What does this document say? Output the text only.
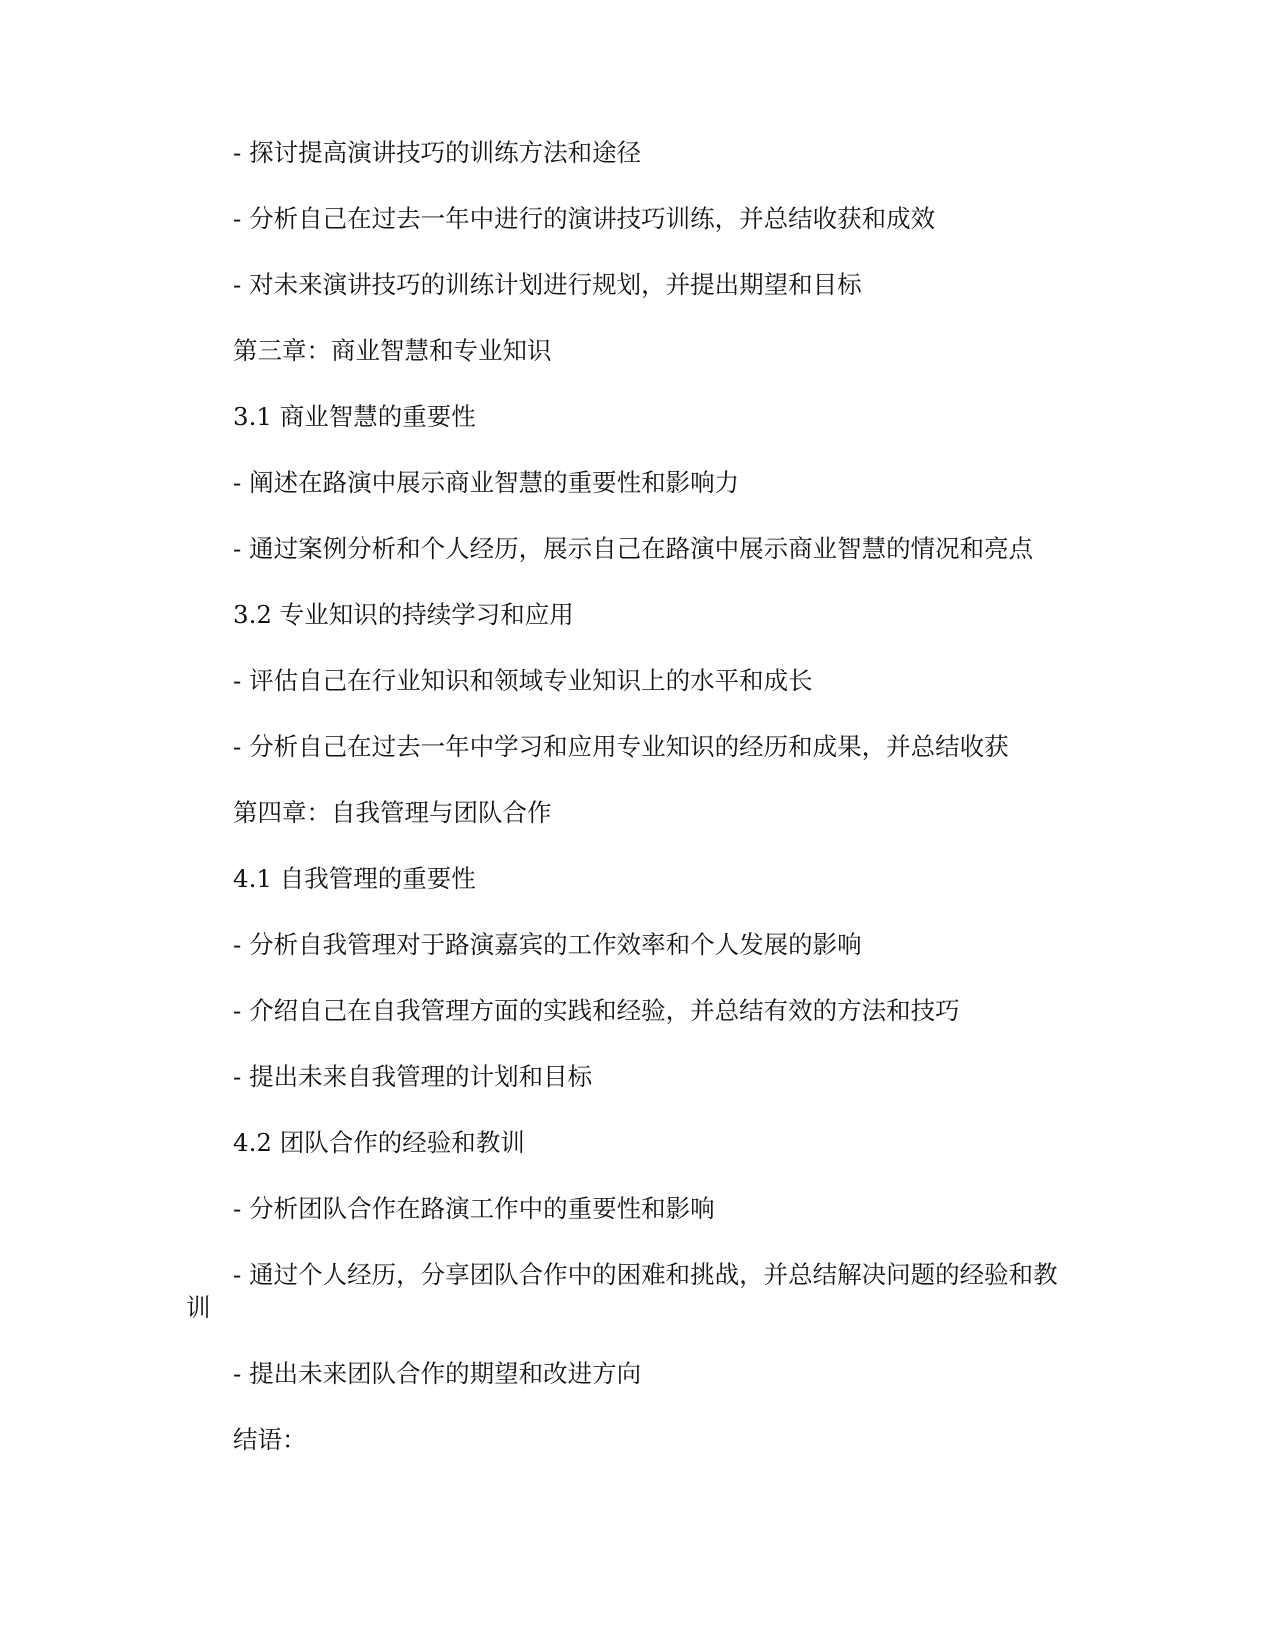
- 探讨提高演讲技巧的训练方法和途径

- 分析自己在过去一年中进行的演讲技巧训练，并总结收获和成效

- 对未来演讲技巧的训练计划进行规划，并提出期望和目标

第三章：商业智慧和专业知识

3.1 商业智慧的重要性

- 阐述在路演中展示商业智慧的重要性和影响力

- 通过案例分析和个人经历，展示自己在路演中展示商业智慧的情况和亮点

3.2 专业知识的持续学习和应用

- 评估自己在行业知识和领域专业知识上的水平和成长

- 分析自己在过去一年中学习和应用专业知识的经历和成果，并总结收获

第四章：自我管理与团队合作

4.1 自我管理的重要性

- 分析自我管理对于路演嘉宾的工作效率和个人发展的影响

- 介绍自己在自我管理方面的实践和经验，并总结有效的方法和技巧

- 提出未来自我管理的计划和目标

4.2 团队合作的经验和教训

- 分析团队合作在路演工作中的重要性和影响

- 通过个人经历，分享团队合作中的困难和挑战，并总结解决问题的经验和教训

- 提出未来团队合作的期望和改进方向

结语：
